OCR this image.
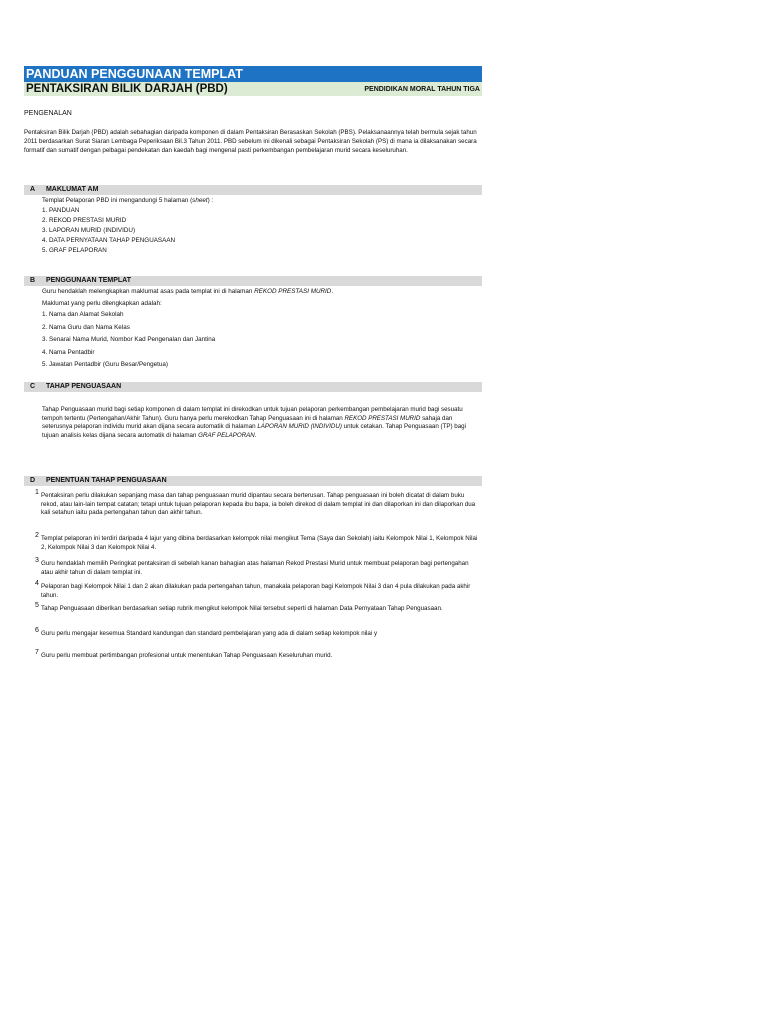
PANDUAN PENGGUNAAN TEMPLAT
PENTAKSIRAN BILIK DARJAH (PBD)	PENDIDIKAN MORAL TAHUN TIGA
PENGENALAN
Pentaksiran Bilik Darjah (PBD) adalah sebahagian daripada komponen di dalam Pentaksiran Berasaskan Sekolah (PBS). Pelaksanaannya telah bermula sejak tahun 2011 berdasarkan Surat Siaran Lembaga Peperiksaan Bil.3 Tahun 2011. PBD sebelum ini dikenali sebagai Pentaksiran Sekolah (PS) di mana ia dilaksanakan secara formatif dan sumatif dengan pelbagai pendekatan dan kaedah bagi mengenal pasti perkembangan pembelajaran murid secara keseluruhan.
A MAKLUMAT AM
Templat Pelaporan PBD ini mengandungi 5 halaman (sheet) :
1. PANDUAN
2. REKOD PRESTASI MURID
3. LAPORAN MURID (INDIVIDU)
4. DATA PERNYATAAN TAHAP PENGUASAAN
5. GRAF PELAPORAN
B PENGGUNAAN TEMPLAT
Guru hendaklah melengkapkan maklumat asas pada templat ini di halaman REKOD PRESTASI MURID.
Maklumat yang perlu dilengkapkan adalah:
1. Nama dan Alamat Sekolah
2. Nama Guru dan Nama Kelas
3. Senarai Nama Murid, Nombor Kad Pengenalan dan Jantina
4. Nama Pentadbir
5. Jawatan Pentadbir (Guru Besar/Pengetua)
C TAHAP PENGUASAAN
Tahap Penguasaan murid bagi setiap komponen di dalam templat ini direkodkan untuk tujuan pelaporan perkembangan pembelajaran murid bagi sesuatu tempoh tertentu (Pertengahan/Akhir Tahun). Guru hanya perlu merekodkan Tahap Penguasaan ini di halaman REKOD PRESTASI MURID sahaja dan seterusnya pelaporan individu murid akan dijana secara automatik di halaman LAPORAN MURID (INDIVIDU) untuk cetakan. Tahap Penguasaan (TP) bagi tujuan analisis kelas dijana secara automatik di halaman GRAF PELAPORAN.
D PENENTUAN TAHAP PENGUASAAN
1 Pentaksiran perlu dilakukan sepanjang masa dan tahap penguasaan murid dipantau secara berterusan. Tahap penguasaan ini boleh dicatat di dalam buku rekod, atau lain-lain tempat catatan; tetapi untuk tujuan pelaporan kepada ibu bapa, ia boleh direkod di dalam templat ini dan dilaporkan ini dan dilaporkan dua kali setahun iaitu pada pertengahan tahun dan akhir tahun.
2 Templat pelaporan ini terdiri daripada 4 lajur yang dibina berdasarkan kelompok nilai mengikut Tema (Saya dan Sekolah) iaitu Kelompok Nilai 1, Kelompok Nilai 2, Kelompok Nilai 3 dan Kelompok Nilai 4.
3 Guru hendaklah memilih Peringkat pentaksiran di sebelah kanan bahagian atas halaman Rekod Prestasi Murid untuk membuat pelaporan bagi pertengahan atau akhir tahun di dalam templat ini.
4 Pelaporan bagi Kelompok Nilai 1 dan 2 akan dilakukan pada pertengahan tahun, manakala pelaporan bagi Kelompok Nilai 3 dan 4 pula dilakukan pada akhir tahun.
5 Tahap Penguasaan diberikan berdasarkan setiap rubrik mengikut kelompok Nilai tersebut seperti di halaman Data Pernyataan Tahap Penguasaan.
6 Guru perlu mengajar kesemua Standard kandungan dan standard pembelajaran yang ada di dalam setiap kelompok nilai y
7 Guru perlu membuat pertimbangan profesional untuk menentukan Tahap Penguasaan Keseluruhan murid.
